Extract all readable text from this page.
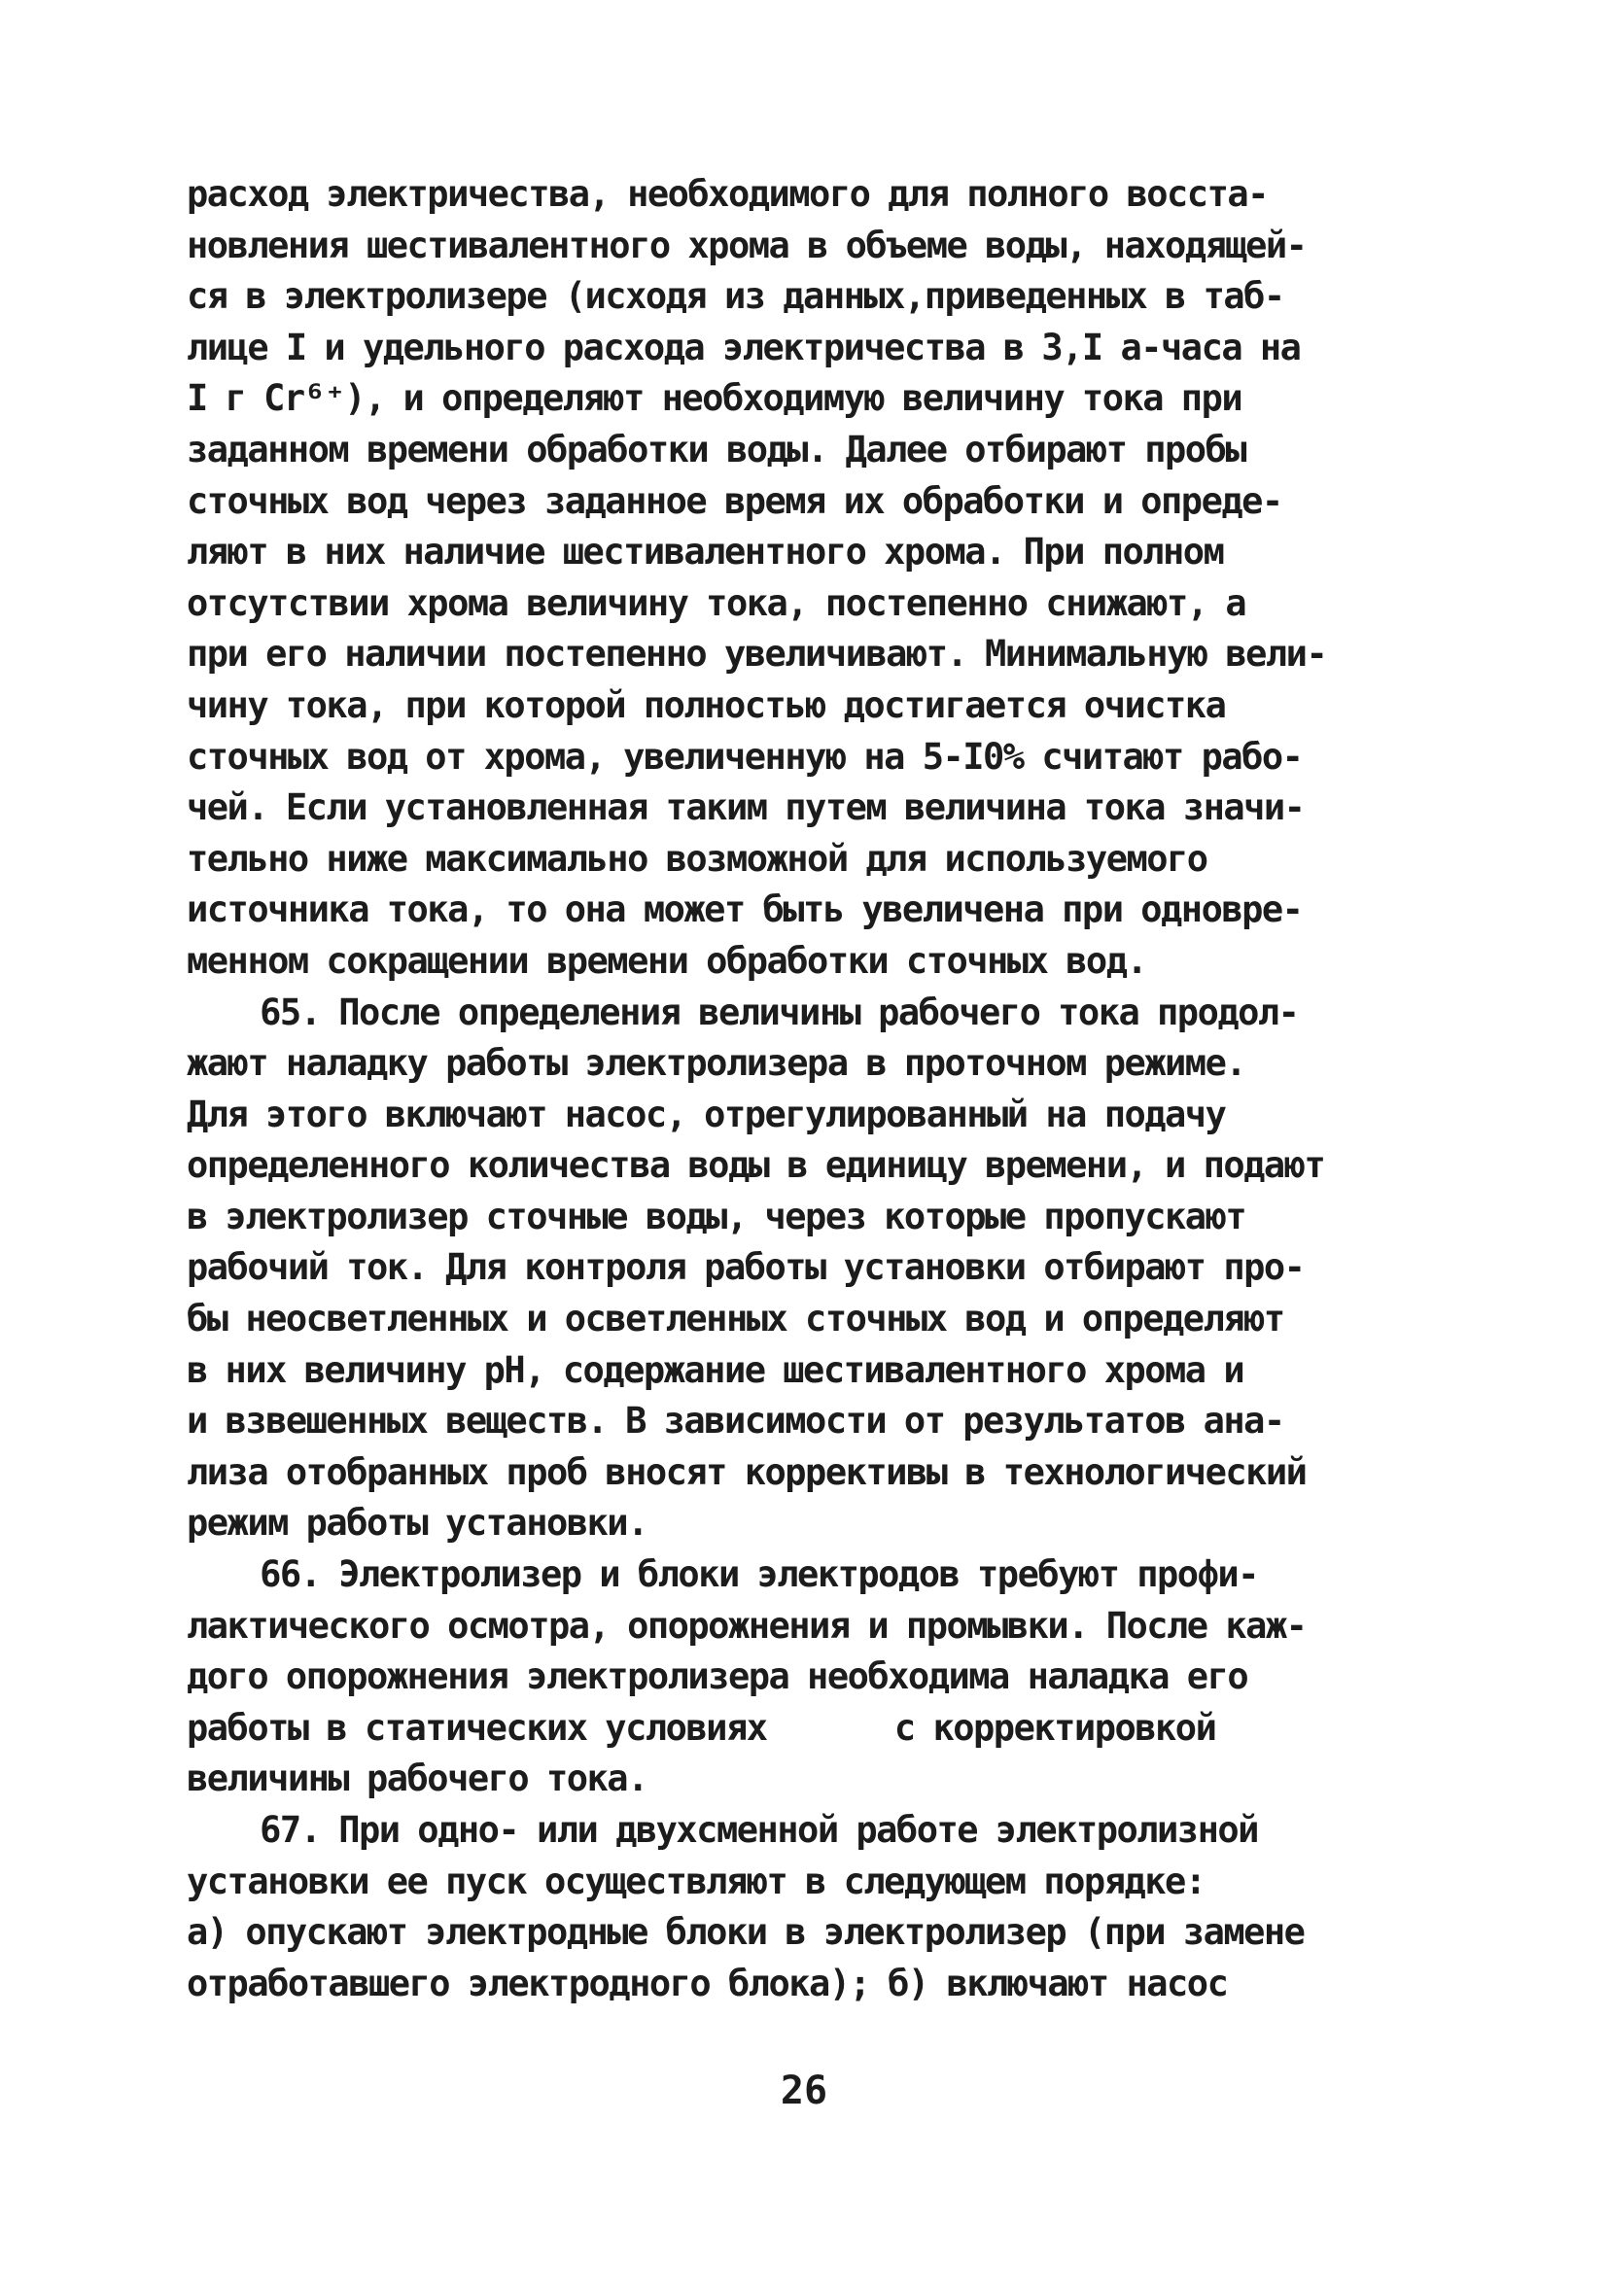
расход электричества, необходимого для полного восста-
новления шестивалентного хрома в объеме воды, находящей-
ся в электролизере (исходя из данных,приведенных в таб-
лице I и удельного расхода электричества в 3,I а-часа на
I г Cr⁶⁺), и определяют необходимую величину тока при
заданном времени обработки воды. Далее отбирают пробы
сточных вод через заданное время их обработки и опреде-
ляют в них наличие шестивалентного хрома. При полном
отсутствии хрома величину тока, постепенно снижают, а
при его наличии постепенно увеличивают. Минимальную вели-
чину тока, при которой полностью достигается очистка
сточных вод от хрома, увеличенную на 5-I0% считают рабо-
чей. Если установленная таким путем величина тока значи-
тельно ниже максимально возможной для используемого
источника тока, то она может быть увеличена при одновре-
менном сокращении времени обработки сточных вод.
65. После определения величины рабочего тока продол-
жают наладку работы электролизера в проточном режиме.
Для этого включают насос, отрегулированный на подачу
определенного количества воды в единицу времени, и подают
в электролизер сточные воды, через которые пропускают
рабочий ток. Для контроля работы установки отбирают про-
бы неосветленных и осветленных сточных вод и определяют
в них величину pH, содержание шестивалентного хрома и
и взвешенных веществ. В зависимости от результатов ана-
лиза отобранных проб вносят коррективы в технологический
режим работы установки.
66. Электролизер и блоки электродов требуют профи-
лактического осмотра, опорожнения и промывки. После каж-
дого опорожнения электролизера необходима наладка его
работы в статических условиях       с корректировкой
величины рабочего тока.
67. При одно- или двухсменной работе электролизной
установки ее пуск осуществляют в следующем порядке:
а) опускают электродные блоки в электролизер (при замене
отработавшего электродного блока); б) включают насос
26
